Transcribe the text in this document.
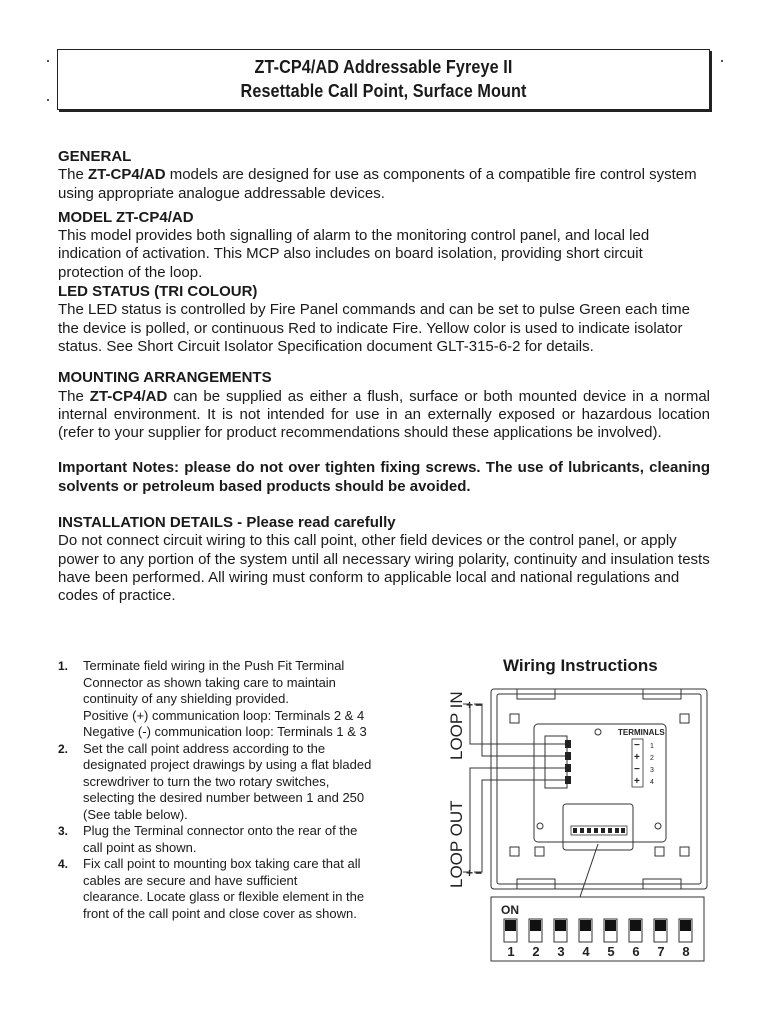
ZT-CP4/AD Addressable Fyreye II
Resettable Call Point, Surface Mount

GENERAL

The ZT-CP4/AD models are designed for use as components of a compatible fire control system using appropriate analogue addressable devices.

MODEL ZT-CP4/AD

This model provides both signalling of alarm to the monitoring control panel, and local led indication of activation. This MCP also includes on board isolation, providing short circuit protection of the loop.

LED STATUS (TRI COLOUR)

The LED status is controlled by Fire Panel commands and can be set to pulse Green each time the device is polled, or continuous Red to indicate Fire. Yellow color is used to indicate isolator status. See Short Circuit Isolator Specification document GLT-315-6-2 for details.

MOUNTING ARRANGEMENTS

The ZT-CP4/AD can be supplied as either a flush, surface or both mounted device in a normal internal environment. It is not intended for use in an externally exposed or hazardous location (refer to your supplier for product recommendations should these applications be involved).

Important Notes: please do not over tighten fixing screws. The use of lubricants, cleaning solvents or petroleum based products should be avoided.

INSTALLATION DETAILS - Please read carefully

Do not connect circuit wiring to this call point, other field devices or the control panel, or apply power to any portion of the system until all necessary wiring polarity, continuity and insulation tests have been performed. All wiring must conform to applicable local and national regulations and codes of practice.

1.	Terminate field wiring in the Push Fit Terminal
Connector as shown taking care to maintain
continuity of any shielding provided.
Positive (+) communication loop: Terminals 2 & 4
Negative (-) communication loop: Terminals 1 & 3
2.	Set the call point address according to the
designated project drawings by using a flat bladed
screwdriver to turn the two rotary switches,
selecting the desired number between 1 and 250
(See table below).
3.	Plug the Terminal connector onto the rear of the
call point as shown.
4.	Fix call point to mounting box taking care that all
cables are secure and have sufficient
clearance. Locate glass or flexible element in the
front of the call point and close cover as shown.
Wiring Instructions
LOOP IN
LOOP OUT
+ −
+ −
TERMINALS
−
+
−
+
1
2
3
4
ON
1 2 3 4 5 6 7 8
